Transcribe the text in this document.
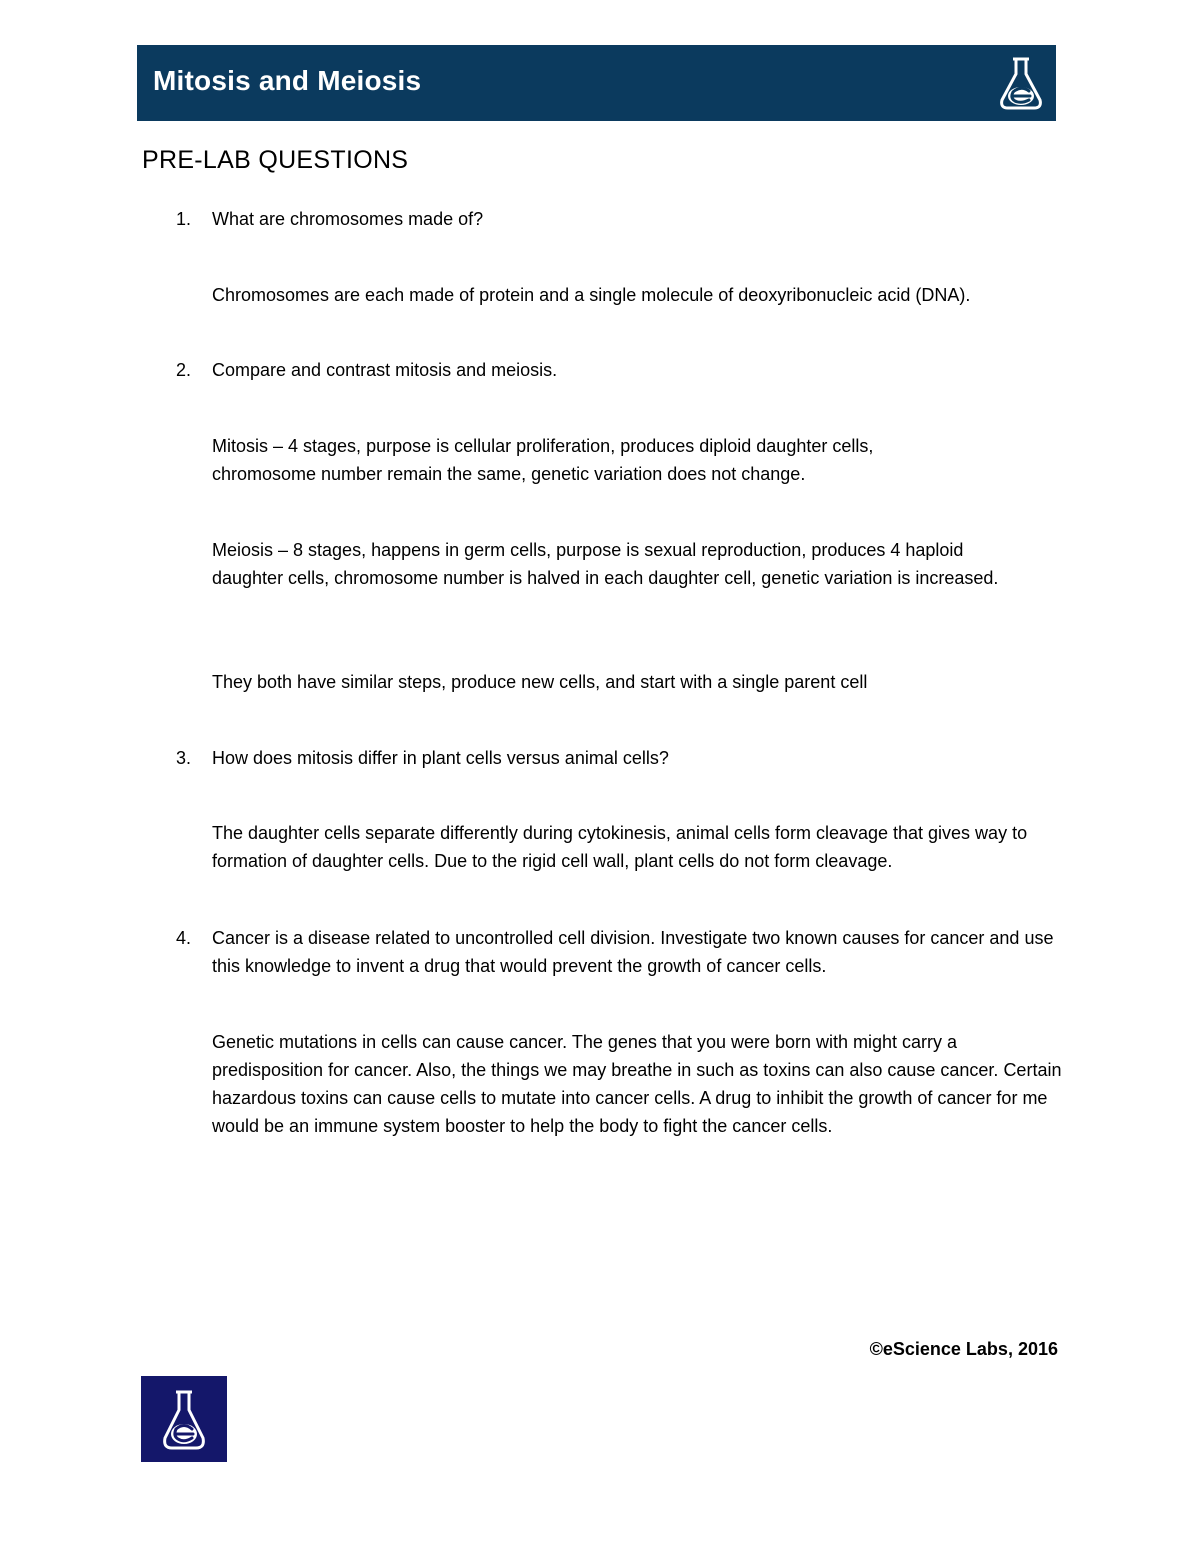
Mitosis and Meiosis
PRE-LAB QUESTIONS
1. What are chromosomes made of?
Chromosomes are each made of protein and a single molecule of deoxyribonucleic acid (DNA).
2. Compare and contrast mitosis and meiosis.
Mitosis – 4 stages, purpose is cellular proliferation, produces diploid daughter cells, chromosome number remain the same, genetic variation does not change.
Meiosis – 8 stages, happens in germ cells, purpose is sexual reproduction, produces 4 haploid daughter cells, chromosome number is halved in each daughter cell, genetic variation is increased.
They both have similar steps, produce new cells, and start with a single parent cell
3. How does mitosis differ in plant cells versus animal cells?
The daughter cells separate differently during cytokinesis, animal cells form cleavage that gives way to formation of daughter cells. Due to the rigid cell wall, plant cells do not form cleavage.
4. Cancer is a disease related to uncontrolled cell division. Investigate two known causes for cancer and use this knowledge to invent a drug that would prevent the growth of cancer cells.
Genetic mutations in cells can cause cancer. The genes that you were born with might carry a predisposition for cancer. Also, the things we may breathe in such as toxins can also cause cancer. Certain hazardous toxins can cause cells to mutate into cancer cells. A drug to inhibit the growth of cancer for me would be an immune system booster to help the body to fight the cancer cells.
©eScience Labs, 2016
